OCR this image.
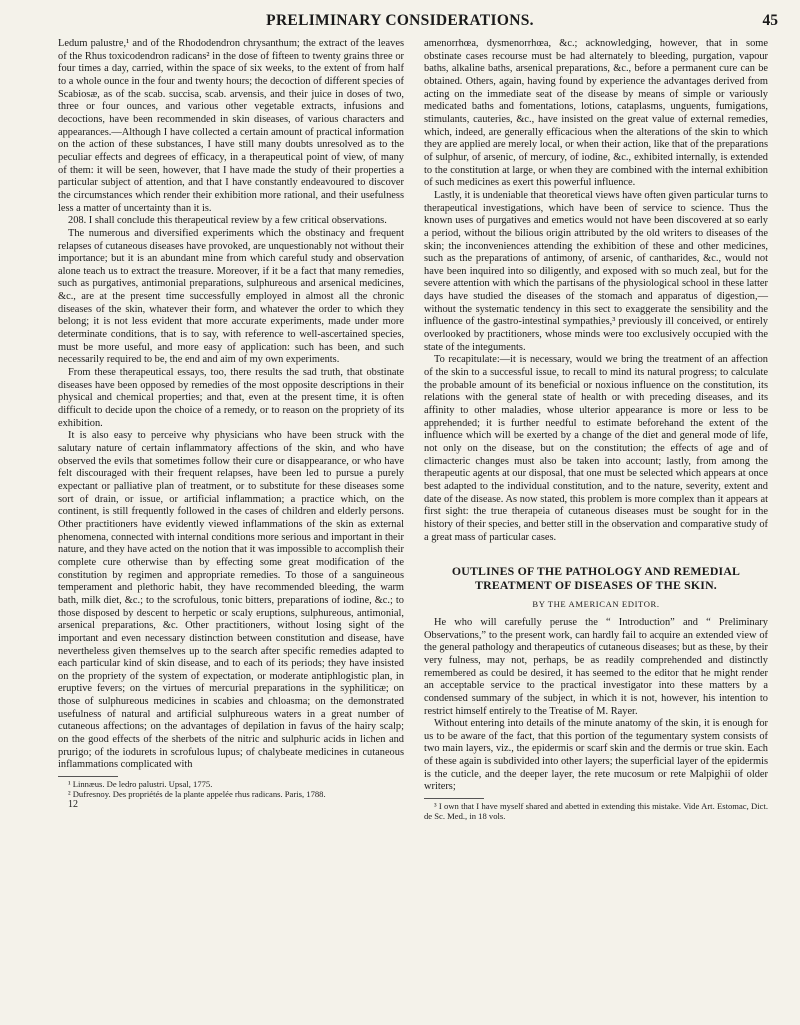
PRELIMINARY CONSIDERATIONS.	45

Ledum palustre,¹ and of the Rhododendron chrysanthum; the extract of the leaves of the Rhus toxicodendron radicans² in the dose of fifteen to twenty grains three or four times a day, carried, within the space of six weeks, to the extent of from half to a whole ounce in the four and twenty hours; the decoction of different species of Scabiosæ, as of the scab. succisa, scab. arvensis, and their juice in doses of two, three or four ounces, and various other vegetable extracts, infusions and decoctions, have been recommended in skin diseases, of various characters and appearances.—Although I have collected a certain amount of practical information on the action of these substances, I have still many doubts unresolved as to the peculiar effects and degrees of efficacy, in a therapeutical point of view, of many of them: it will be seen, however, that I have made the study of their properties a particular subject of attention, and that I have constantly endeavoured to discover the circumstances which render their exhibition more rational, and their usefulness less a matter of uncertainty than it is.

208. I shall conclude this therapeutical review by a few critical observations.

The numerous and diversified experiments which the obstinacy and frequent relapses of cutaneous diseases have provoked, are unquestionably not without their importance; but it is an abundant mine from which careful study and observation alone teach us to extract the treasure. Moreover, if it be a fact that many remedies, such as purgatives, antimonial preparations, sulphureous and arsenical medicines, &c., are at the present time successfully employed in almost all the chronic diseases of the skin, whatever their form, and whatever the order to which they belong; it is not less evident that more accurate experiments, made under more determinate conditions, that is to say, with reference to well-ascertained species, must be more useful, and more easy of application: such has been, and such necessarily required to be, the end and aim of my own experiments.

From these therapeutical essays, too, there results the sad truth, that obstinate diseases have been opposed by remedies of the most opposite descriptions in their physical and chemical properties; and that, even at the present time, it is often difficult to decide upon the choice of a remedy, or to reason on the propriety of its exhibition.

It is also easy to perceive why physicians who have been struck with the salutary nature of certain inflammatory affections of the skin, and who have observed the evils that sometimes follow their cure or disappearance, or who have felt discouraged with their frequent relapses, have been led to pursue a purely expectant or palliative plan of treatment, or to substitute for these diseases some sort of drain, or issue, or artificial inflammation; a practice which, on the continent, is still frequently followed in the cases of children and elderly persons. Other practitioners have evidently viewed inflammations of the skin as external phenomena, connected with internal conditions more serious and important in their nature, and they have acted on the notion that it was impossible to accomplish their complete cure otherwise than by effecting some great modification of the constitution by regimen and appropriate remedies. To those of a sanguineous temperament and plethoric habit, they have recommended bleeding, the warm bath, milk diet, &c.; to the scrofulous, tonic bitters, preparations of iodine, &c.; to those disposed by descent to herpetic or scaly eruptions, sulphureous, antimonial, arsenical preparations, &c. Other practitioners, without losing sight of the important and even necessary distinction between constitution and disease, have nevertheless given themselves up to the search after specific remedies adapted to each particular kind of skin disease, and to each of its periods; they have insisted on the propriety of the system of expectation, or moderate antiphlogistic plan, in eruptive fevers; on the virtues of mercurial preparations in the syphiliticæ; on those of sulphureous medicines in scabies and chloasma; on the demonstrated usefulness of natural and artificial sulphureous waters in a great number of cutaneous affections; on the advantages of depilation in favus of the hairy scalp; on the good effects of the sherbets of the nitric and sulphuric acids in lichen and prurigo; of the iodurets in scrofulous lupus; of chalybeate medicines in cutaneous inflammations complicated with

¹ Linnæus. De ledro palustri. Upsal, 1775.

² Dufresnoy. Des propriétés de la plante appelée rhus radicans. Paris, 1788.

12

amenorrhœa, dysmenorrhœa, &c.; acknowledging, however, that in some obstinate cases recourse must be had alternately to bleeding, purgation, vapour baths, alkaline baths, arsenical preparations, &c., before a permanent cure can be obtained. Others, again, having found by experience the advantages derived from acting on the immediate seat of the disease by means of simple or variously medicated baths and fomentations, lotions, cataplasms, unguents, fumigations, stimulants, cauteries, &c., have insisted on the great value of external remedies, which, indeed, are generally efficacious when the alterations of the skin to which they are applied are merely local, or when their action, like that of the preparations of sulphur, of arsenic, of mercury, of iodine, &c., exhibited internally, is extended to the constitution at large, or when they are combined with the internal exhibition of such medicines as exert this powerful influence.

Lastly, it is undeniable that theoretical views have often given particular turns to therapeutical investigations, which have been of service to science. Thus the known uses of purgatives and emetics would not have been discovered at so early a period, without the bilious origin attributed by the old writers to diseases of the skin; the inconveniences attending the exhibition of these and other medicines, such as the preparations of antimony, of arsenic, of cantharides, &c., would not have been inquired into so diligently, and exposed with so much zeal, but for the severe attention with which the partisans of the physiological school in these latter days have studied the diseases of the stomach and apparatus of digestion,—without the systematic tendency in this sect to exaggerate the sensibility and the influence of the gastro-intestinal sympathies,³ previously ill conceived, or entirely overlooked by practitioners, whose minds were too exclusively occupied with the state of the integuments.

To recapitulate:—it is necessary, would we bring the treatment of an affection of the skin to a successful issue, to recall to mind its natural progress; to calculate the probable amount of its beneficial or noxious influence on the constitution, its relations with the general state of health or with preceding diseases, and its affinity to other maladies, whose ulterior appearance is more or less to be apprehended; it is further needful to estimate beforehand the extent of the influence which will be exerted by a change of the diet and general mode of life, not only on the disease, but on the constitution; the effects of age and of climacteric changes must also be taken into account; lastly, from among the therapeutic agents at our disposal, that one must be selected which appears at once best adapted to the individual constitution, and to the nature, severity, extent and date of the disease. As now stated, this problem is more complex than it appears at first sight: the true therapeia of cutaneous diseases must be sought for in the history of their species, and better still in the observation and comparative study of a great mass of particular cases.

OUTLINES OF THE PATHOLOGY AND REMEDIAL TREATMENT OF DISEASES OF THE SKIN.
BY THE AMERICAN EDITOR.

He who will carefully peruse the “ Introduction” and “ Preliminary Observations,” to the present work, can hardly fail to acquire an extended view of the general pathology and therapeutics of cutaneous diseases; but as these, by their very fulness, may not, perhaps, be as readily comprehended and distinctly remembered as could be desired, it has seemed to the editor that he might render an acceptable service to the practical investigator into these matters by a condensed summary of the subject, in which it is not, however, his intention to restrict himself entirely to the Treatise of M. Rayer.

Without entering into details of the minute anatomy of the skin, it is enough for us to be aware of the fact, that this portion of the tegumentary system consists of two main layers, viz., the epidermis or scarf skin and the dermis or true skin. Each of these again is subdivided into other layers; the superficial layer of the epidermis is the cuticle, and the deeper layer, the rete mucosum or rete Malpighii of older writers;

³ I own that I have myself shared and abetted in extending this mistake. Vide Art. Estomac, Dict. de Sc. Med., in 18 vols.
